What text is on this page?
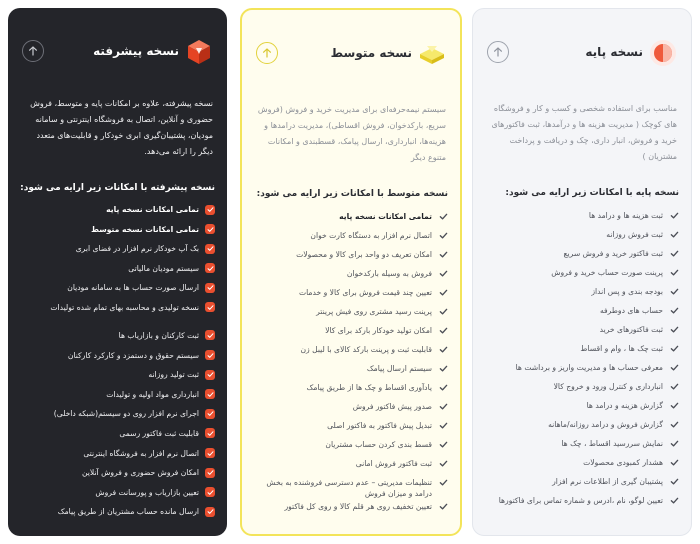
نسخه پایه

مناسب برای استفاده شخصی و کسب و کار و فروشگاه های کوچک ( مدیریت هزینه ها و درآمدها، ثبت فاکتورهای خرید و فروش، انبار داری، چک و دریافت و پرداخت مشتریان )

نسخه پایه با امکانات زیر ارایه می شود:
ثبت هزینه ها و درامد ها
ثبت فروش روزانه
ثبت فاکتور خرید و فروش سریع
پرینت صورت حساب خرید و فروش
بودجه بندی و پس انداز
حساب های دوطرفه
ثبت فاکتورهای خرید
ثبت چک ها ، وام و اقساط
معرفی حساب ها و مدیریت واریز و برداشت ها
انبارداری و کنترل ورود و خروج کالا
گزارش هزینه و درامد ها
گزارش فروش و درامد روزانه/ماهانه
نمایش سررسید اقساط ، چک ها
هشدار کمبودی محصولات
پشتیبان گیری از اطلاعات نرم افزار
تعیین لوگو، نام ،ادرس و شماره تماس برای فاکتورها
نسخه متوسط

سیستم نیمه‌حرفه‌ای برای مدیریت خرید و فروش (فروش سریع، بارکدخوان، فروش اقساطی)، مدیریت درامدها و هزینه‌ها، انبارداری، ارسال پیامک، قسطبندی و امکانات متنوع دیگر

نسخه متوسط با امکانات زیر ارایه می شود:
تمامی امکانات نسخه پایه
اتصال نرم افزار به دستگاه کارت خوان
امکان تعریف دو واحد برای کالا و محصولات
فروش به وسیله بارکدخوان
تعیین چند قیمت فروش برای کالا و خدمات
پرینت رسید مشتری روی فیش پرینتر
امکان تولید خودکار بارکد برای کالا
قابلیت ثبت و پرینت بارکد کالای با لیبل زن
سیستم ارسال پیامک
یادآوری اقساط و چک ها از طریق پیامک
صدور پیش فاکتور فروش
تبدیل پیش فاکتور به فاکتور اصلی
قسط بندی کردن حساب مشتریان
ثبت فاکتور فروش امانی
تنظیمات مدیریتی – عدم دسترسی فروشنده به بخش درامد و میزان فروش
تعیین تخفیف روی هر قلم کالا و روی کل فاکتور
نسخه پیشرفته

نسخه پیشرفته، علاوه بر امکانات پایه و متوسط، فروش حضوری و آنلاین، اتصال به فروشگاه اینترنتی و سامانه مودیان، پشتیبان‌گیری ابری خودکار و قابلیت‌های متعدد دیگر را ارائه می‌دهد.

نسخه پیشرفته با امکانات زیر ارایه می شود:
تمامی امکانات نسخه پایه
تمامی امکانات نسخه متوسط
بک آپ خودکار نرم افزار در فضای ابری
سیستم مودیان مالیاتی
ارسال صورت حساب ها به سامانه مودیان
نسخه تولیدی و محاسبه بهای تمام شده تولیدات
ثبت کارکنان و بازاریاب ها
سیستم حقوق و دستمزد و کارکرد کارکنان
ثبت تولید روزانه
انبارداری مواد اولیه و تولیدات
اجرای نرم افزار روی دو سیستم(شبکه داخلی)
قابلیت ثبت فاکتور رسمی
اتصال نرم افزار به فروشگاه اینترنتی
امکان فروش حضوری و فروش آنلاین
تعیین بازاریاب و پورسانت فروش
ارسال مانده حساب مشتریان از طریق پیامک
